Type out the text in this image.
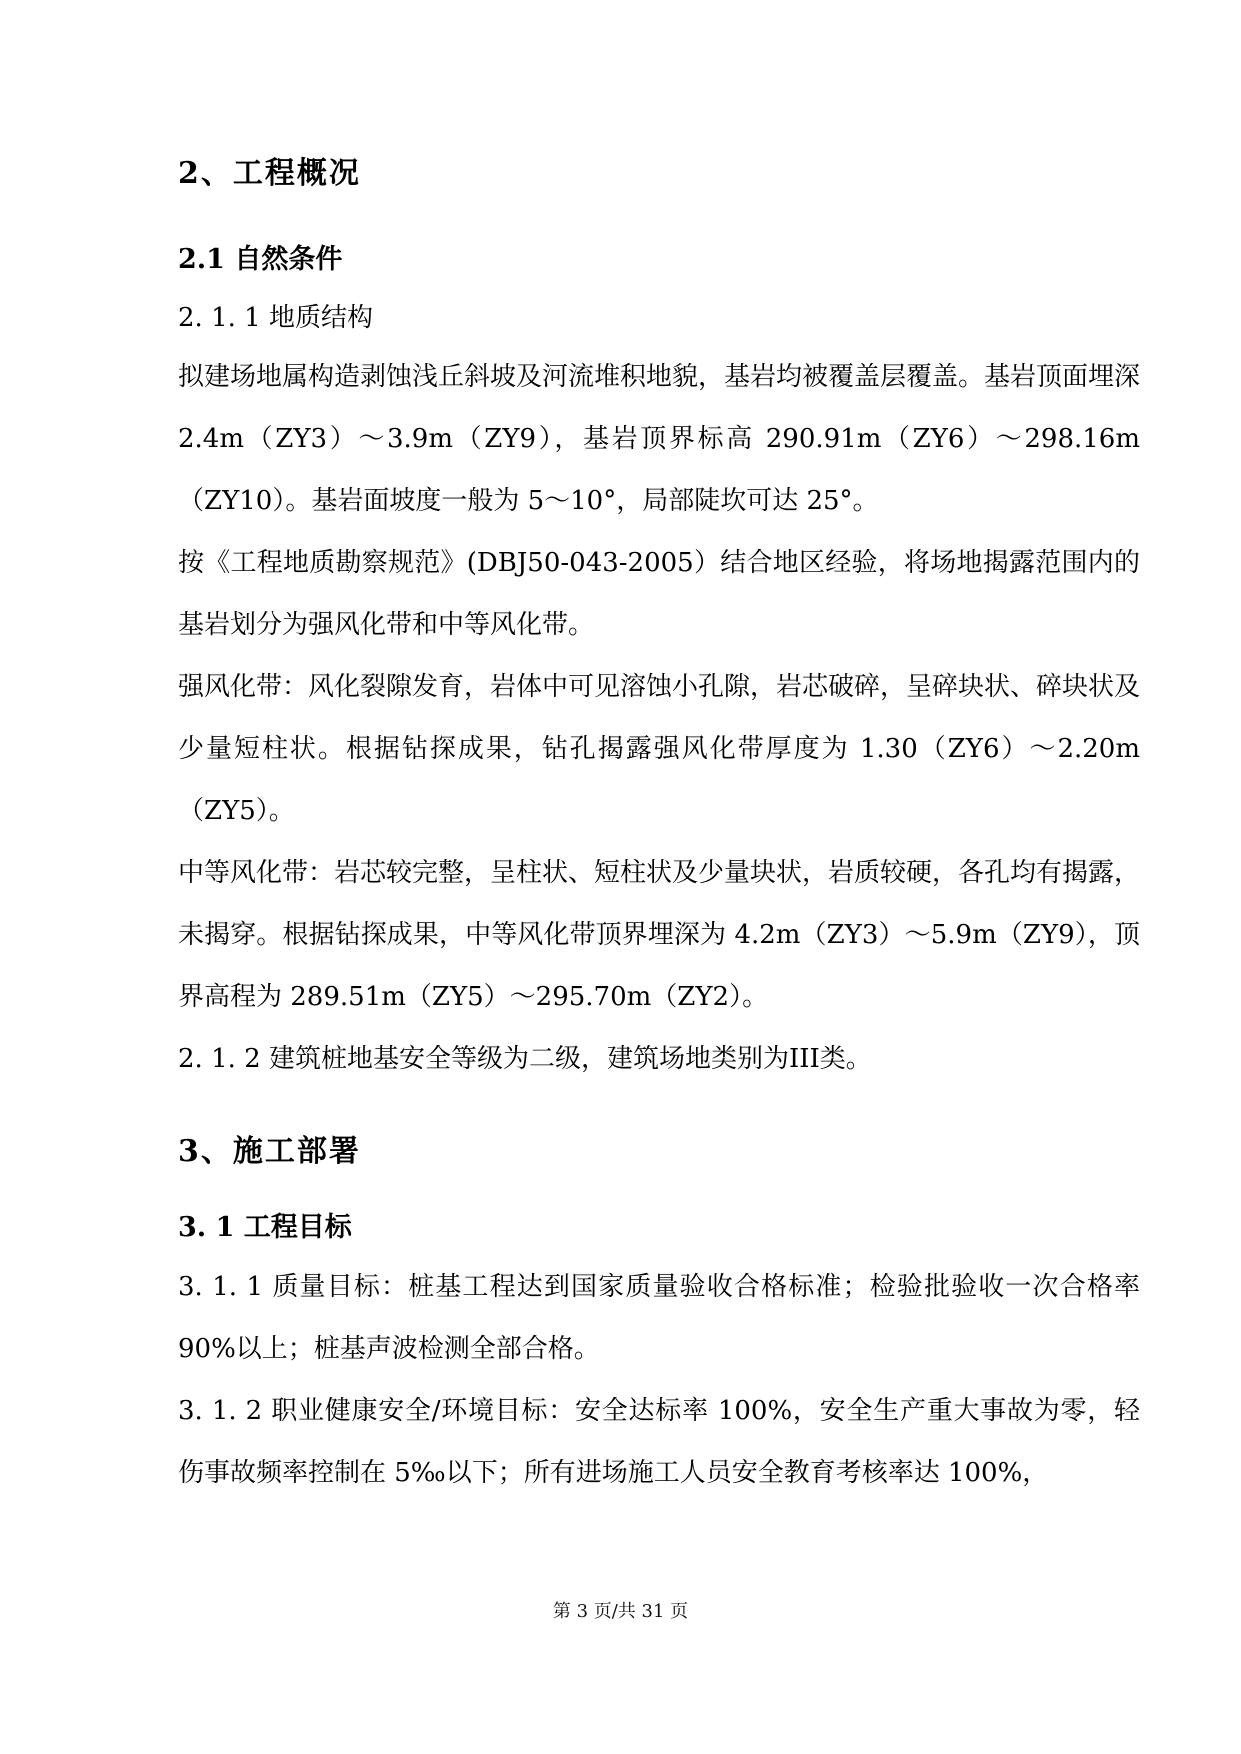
2、工程概况
2.1 自然条件
2. 1. 1 地质结构

拟建场地属构造剥蚀浅丘斜坡及河流堆积地貌，基岩均被覆盖层覆盖。基岩顶面埋深 2.4m（ZY3）～3.9m（ZY9），基岩顶界标高 290.91m（ZY6）～298.16m（ZY10）。基岩面坡度一般为 5～10°，局部陡坎可达 25°。

按《工程地质勘察规范》(DBJ50-043-2005）结合地区经验，将场地揭露范围内的基岩划分为强风化带和中等风化带。

强风化带：风化裂隙发育，岩体中可见溶蚀小孔隙，岩芯破碎，呈碎块状、碎块状及少量短柱状。根据钻探成果，钻孔揭露强风化带厚度为 1.30（ZY6）～2.20m（ZY5）。

中等风化带：岩芯较完整，呈柱状、短柱状及少量块状，岩质较硬，各孔均有揭露，未揭穿。根据钻探成果，中等风化带顶界埋深为 4.2m（ZY3）～5.9m（ZY9），顶界高程为 289.51m（ZY5）～295.70m（ZY2）。

2. 1. 2 建筑桩地基安全等级为二级，建筑场地类别为III类。

3、施工部署
3. 1 工程目标

3. 1. 1 质量目标：桩基工程达到国家质量验收合格标准；检验批验收一次合格率 90%以上；桩基声波检测全部合格。

3. 1. 2 职业健康安全/环境目标：安全达标率 100%，安全生产重大事故为零，轻伤事故频率控制在 5‰以下；所有进场施工人员安全教育考核率达 100%，

第 3 页/共 31 页
